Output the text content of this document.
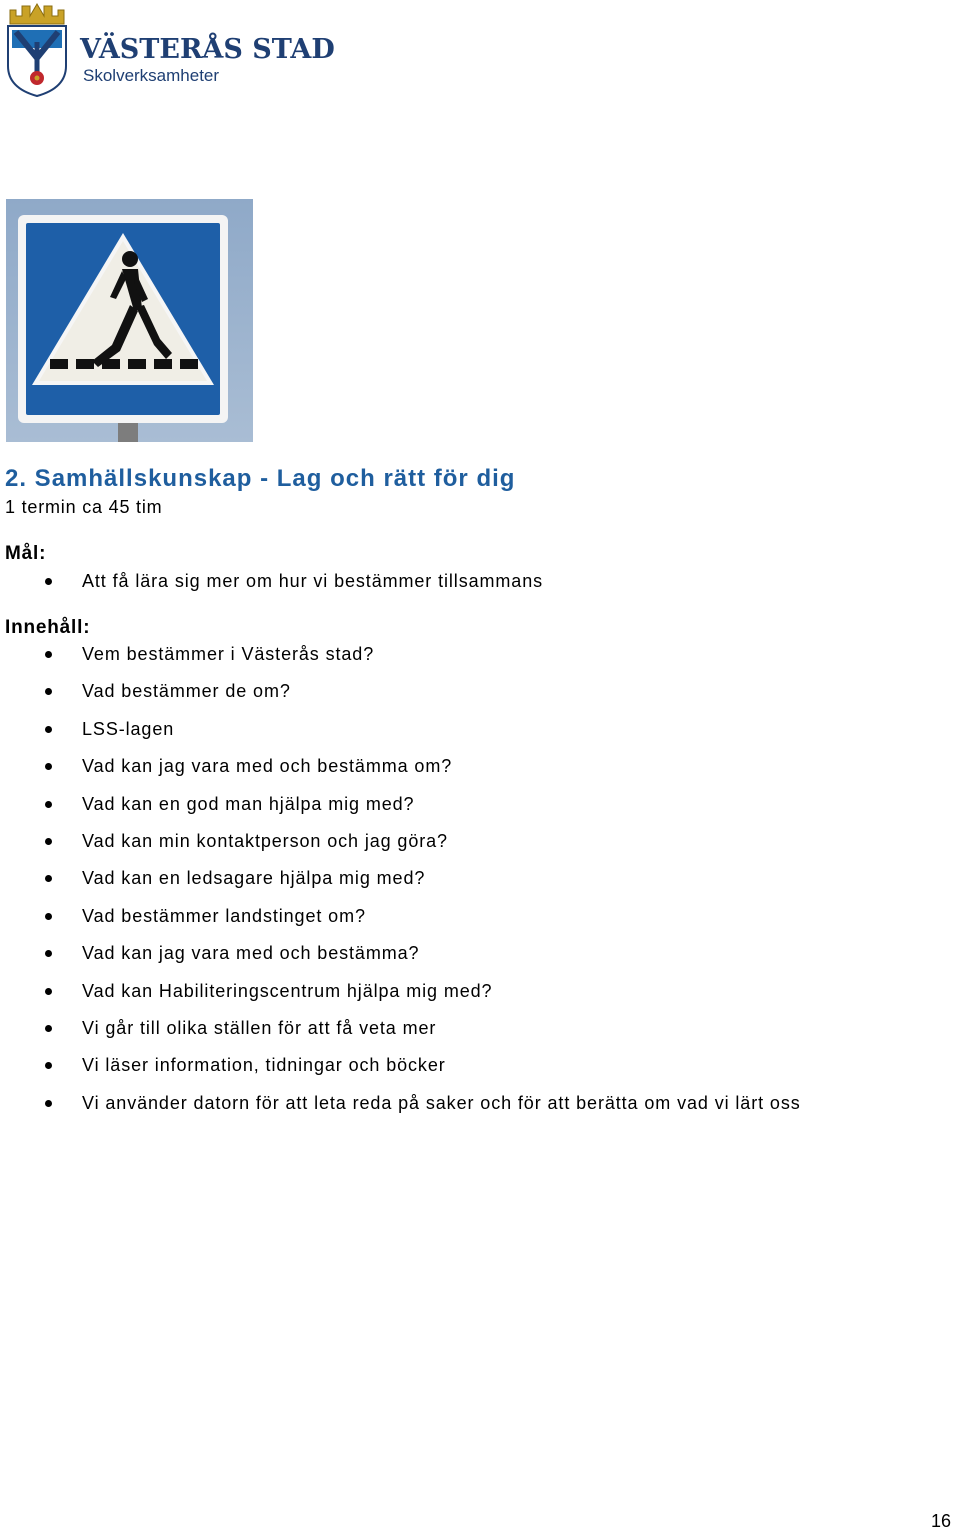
VÄSTERÅS STAD
Skolverksamheter
2. Samhällskunskap - Lag och rätt för dig
1 termin ca 45 tim
Mål:
Att få lära sig mer om hur vi bestämmer tillsammans
Innehåll:
Vem bestämmer i Västerås stad?
Vad bestämmer de om?
LSS-lagen
Vad kan jag vara med och bestämma om?
Vad kan en god man hjälpa mig med?
Vad kan min kontaktperson och jag göra?
Vad kan en ledsagare hjälpa mig med?
Vad bestämmer landstinget om?
Vad kan jag vara med och bestämma?
Vad kan Habiliteringscentrum hjälpa mig med?
Vi går till olika ställen för att få veta mer
Vi läser information, tidningar och böcker
Vi använder datorn för att leta reda på saker och för att berätta om vad vi lärt oss
16
